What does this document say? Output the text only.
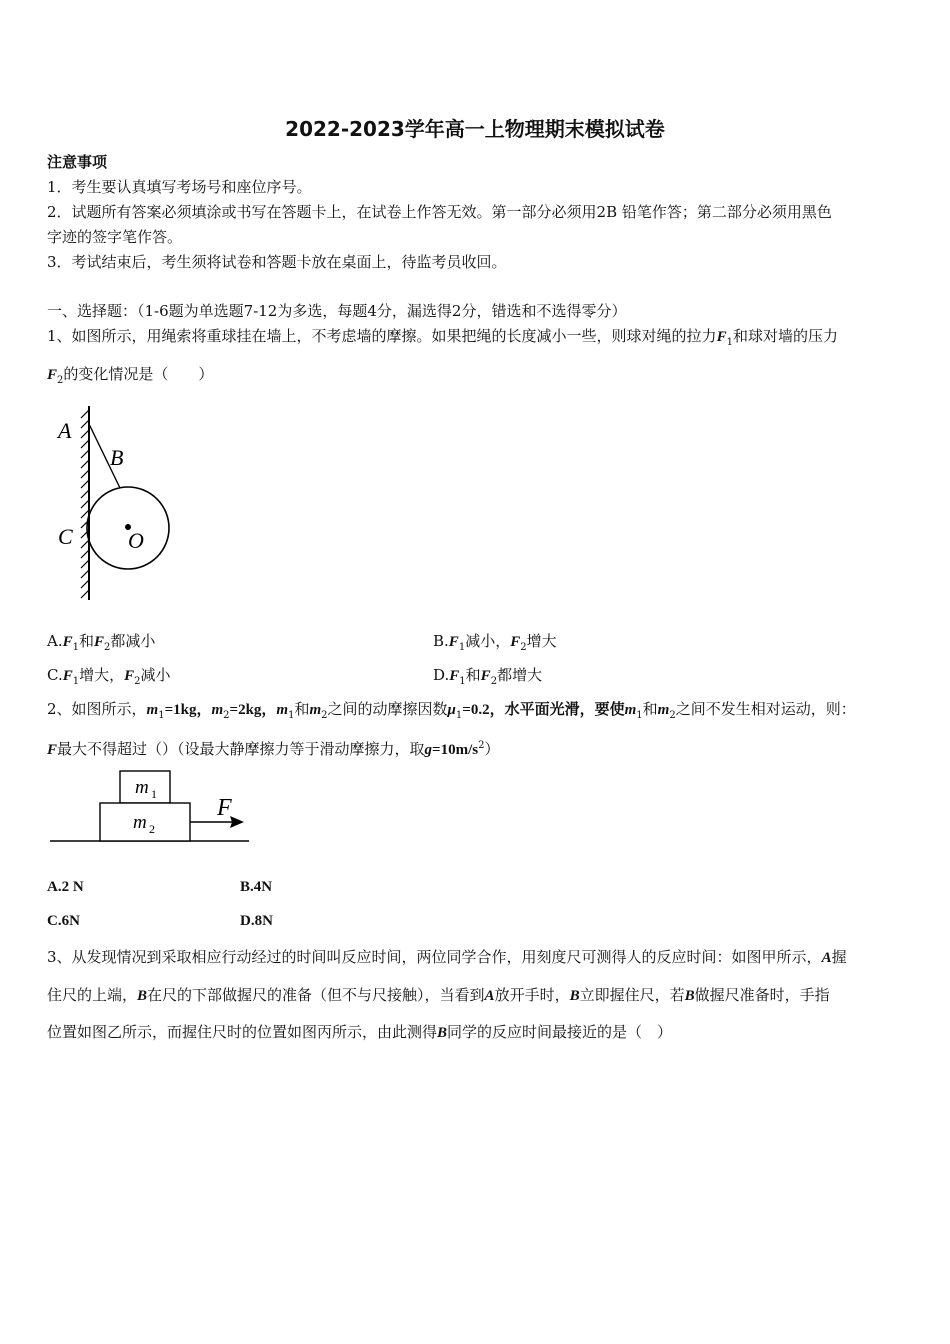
2022-2023学年高一上物理期末模拟试卷
注意事项
1．考生要认真填写考场号和座位序号。
2．试题所有答案必须填涂或书写在答题卡上，在试卷上作答无效。第一部分必须用2B 铅笔作答；第二部分必须用黑色
字迹的签字笔作答。
3．考试结束后，考生须将试卷和答题卡放在桌面上，待监考员收回。
一、选择题：（1-6题为单选题7-12为多选，每题4分，漏选得2分，错选和不选得零分）
1、如图所示，用绳索将重球挂在墙上，不考虑墙的摩擦。如果把绳的长度减小一些，则球对绳的拉力$F_1$和球对墙的压力
$F_2$的变化情况是（　　）
A
B
C	O
$A.F_1$和$F_2$都减小	$B.F_1$减小，$F_2$增大
$C.F_1$增大，$F_2$减小	$D.F_1$和$F_2$都增大
2、如图所示，$m_1=1kg$，$m_2=2kg$，$m_1$和$m_2$之间的动摩擦因数$\mu_1=0.2$，水平面光滑，要使$m_1$和$m_2$之间不发生相对运动，则：
F最大不得超过（）（设最大静摩擦力等于滑动摩擦力，取$g=10m/s^2$）
m 1
m 2
F
A.2 N	B.4N
C.6N	D.8N
3、从发现情况到采取相应行动经过的时间叫反应时间，两位同学合作，用刻度尺可测得人的反应时间：如图甲所示，A握
住尺的上端，B在尺的下部做握尺的准备（但不与尺接触），当看到A放开手时，B立即握住尺，若B做握尺准备时，手指
位置如图乙所示，而握住尺时的位置如图丙所示，由此测得B同学的反应时间最接近的是（　）
